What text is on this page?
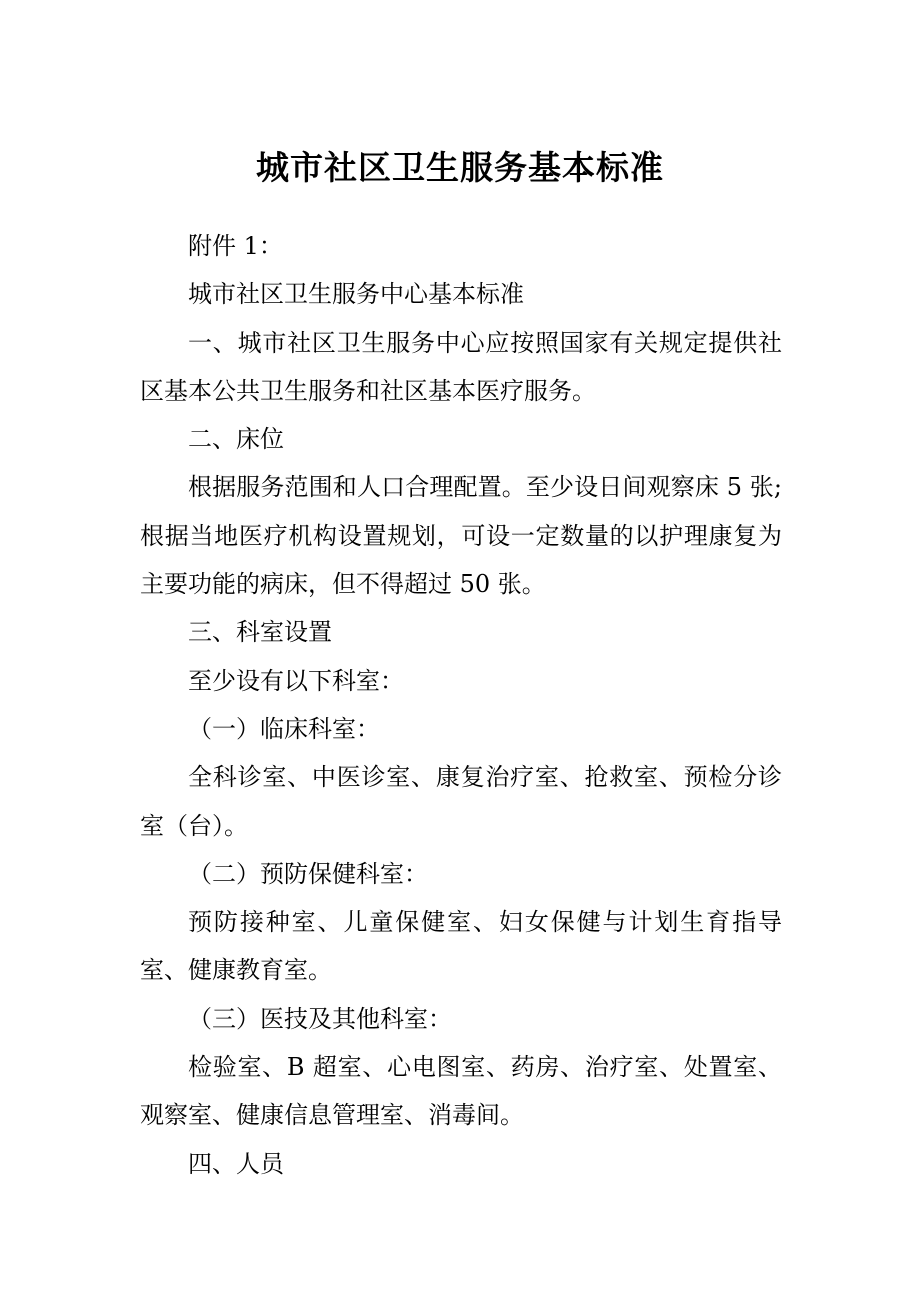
城市社区卫生服务基本标准

附件 1：

城市社区卫生服务中心基本标准

一、城市社区卫生服务中心应按照国家有关规定提供社区基本公共卫生服务和社区基本医疗服务。

二、床位

根据服务范围和人口合理配置。至少设日间观察床 5 张;根据当地医疗机构设置规划，可设一定数量的以护理康复为主要功能的病床，但不得超过 50 张。

三、科室设置

至少设有以下科室：

（一）临床科室：

全科诊室、中医诊室、康复治疗室、抢救室、预检分诊室（台）。

（二）预防保健科室：

预防接种室、儿童保健室、妇女保健与计划生育指导室、健康教育室。

（三）医技及其他科室：

检验室、B 超室、心电图室、药房、治疗室、处置室、观察室、健康信息管理室、消毒间。

四、人员
